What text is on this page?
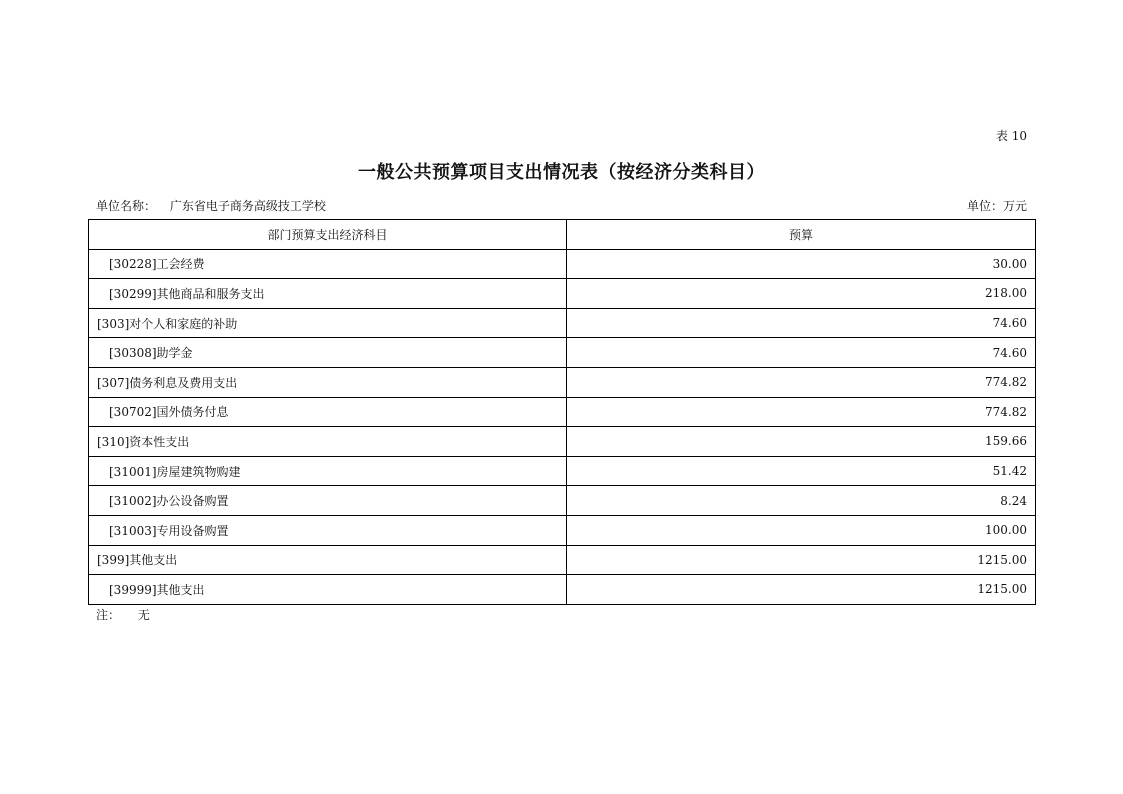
表 10
一般公共预算项目支出情况表（按经济分类科目）
单位名称： 广东省电子商务高级技工学校	单位：万元
部门预算支出经济科目	预算
[30228]工会经费	30.00
[30299]其他商品和服务支出	218.00
[303]对个人和家庭的补助	74.60
[30308]助学金	74.60
[307]债务利息及费用支出	774.82
[30702]国外债务付息	774.82
[310]资本性支出	159.66
[31001]房屋建筑物购建	51.42
[31002]办公设备购置	8.24
[31003]专用设备购置	100.00
[399]其他支出	1215.00
[39999]其他支出	1215.00
注： 无
